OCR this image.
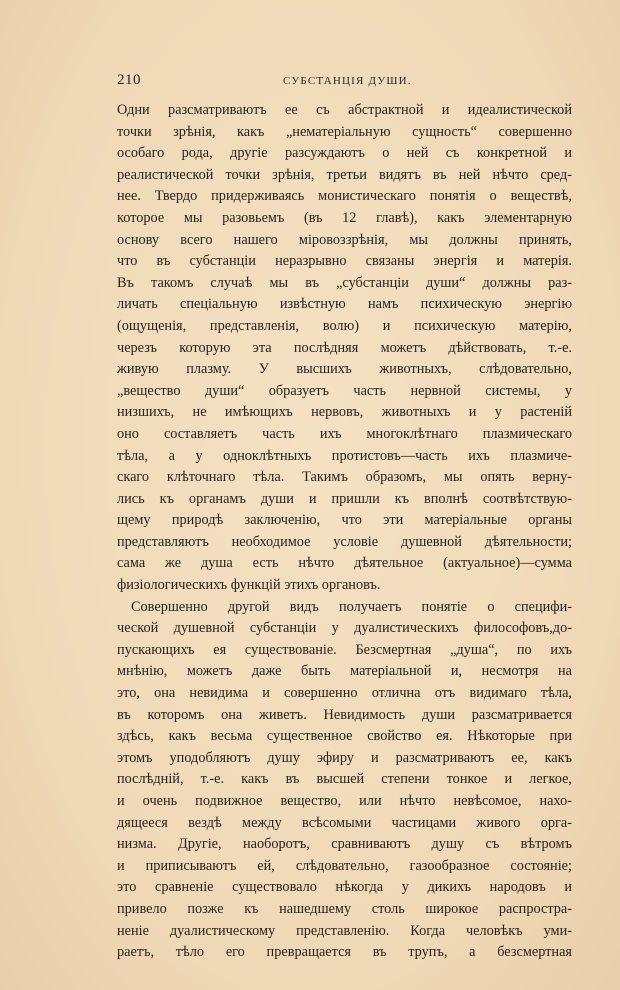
210	СУБСТАНЦІЯ ДУШИ.
Одни разсматриваютъ ее съ абстрактной и идеалистической
точки зрѣнія, какъ „нематеріальную сущность“ совершенно
особаго рода, другіе разсуждаютъ о ней съ конкретной и
реалистической точки зрѣнія, третьи видятъ въ ней нѣчто сред-
нее. Твердо придерживаясь монистическаго понятія о веществѣ,
которое мы разовьемъ (въ 12 главѣ), какъ элементарную
основу всего нашего міровоззрѣнія, мы должны принять,
что въ субстанціи неразрывно связаны энергія и матерія.
Въ такомъ случаѣ мы въ „субстанціи души“ должны раз-
личать спеціальную извѣстную намъ психическую энергію
(ощущенія, представленія, волю) и психическую матерію,
черезъ которую эта послѣдняя можетъ дѣйствовать, т.-е.
живую плазму. У высшихъ животныхъ, слѣдовательно,
„вещество души“ образуетъ часть нервной системы, у
низшихъ, не имѣющихъ нервовъ, животныхъ и у растеній
оно составляетъ часть ихъ многоклѣтнаго плазмическаго
тѣла, а у одноклѣтныхъ протистовъ—часть ихъ плазмиче-
скаго клѣточнаго тѣла. Такимъ образомъ, мы опять верну-
лись къ органамъ души и пришли къ вполнѣ соотвѣтствую-
щему природѣ заключенію, что эти матеріальные органы
представляютъ необходимое условіе душевной дѣятельности;
сама же душа есть нѣчто дѣятельное (актуальное)—сумма
физіологическихъ функцій этихъ органовъ.
Совершенно другой видъ получаетъ понятіе о специфи-
ческой душевной субстанціи у дуалистическихъ философовъ,до-
пускающихъ ея существованіе. Безсмертная „душа“, по ихъ
мнѣнію, можетъ даже быть матеріальной и, несмотря на
это, она невидима и совершенно отлична отъ видимаго тѣла,
въ которомъ она живетъ. Невидимость души разсматривается
здѣсь, какъ весьма существенное свойство ея. Нѣкоторые при
этомъ уподобляютъ душу эфиру и разсматриваютъ ее, какъ
послѣдній, т.-е. какъ въ высшей степени тонкое и легкое,
и очень подвижное вещество, или нѣчто невѣсомое, нахо-
дящееся вездѣ между всѣсомыми частицами живого орга-
низма. Другіе, наоборотъ, сравниваютъ душу съ вѣтромъ
и приписываютъ ей, слѣдовательно, газообразное состояніе;
это сравненіе существовало нѣкогда у дикихъ народовъ и
привело позже къ нашедшему столь широкое распростра-
неніе дуалистическому представленію. Когда человѣкъ уми-
раетъ, тѣло его превращается въ трупъ, а безсмертная
